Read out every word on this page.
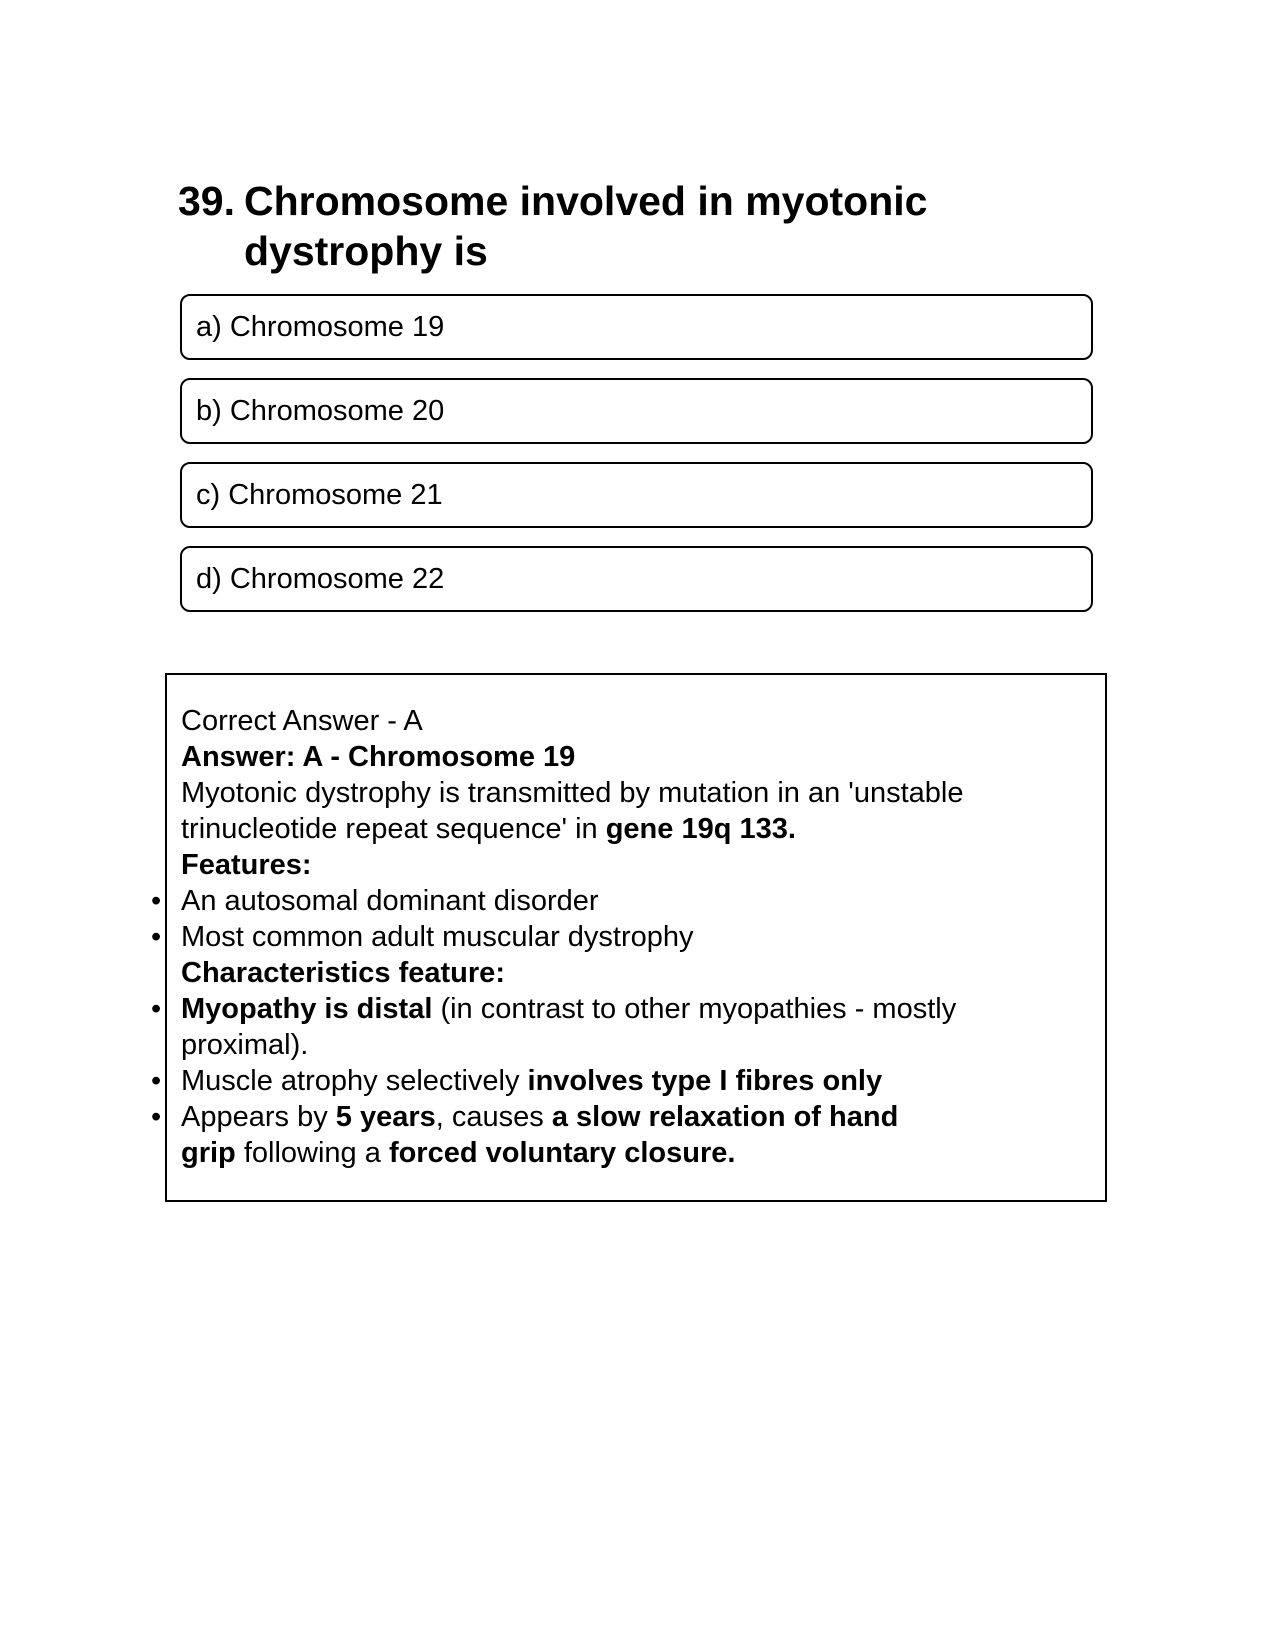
39. Chromosome involved in myotonic dystrophy is
a) Chromosome 19
b) Chromosome 20
c) Chromosome 21
d) Chromosome 22
Correct Answer - A
Answer: A - Chromosome 19
Myotonic dystrophy is transmitted by mutation in an 'unstable trinucleotide repeat sequence' in gene 19q 133.
Features:
• An autosomal dominant disorder
• Most common adult muscular dystrophy
Characteristics feature:
• Myopathy is distal (in contrast to other myopathies - mostly proximal).
• Muscle atrophy selectively involves type I fibres only
• Appears by 5 years, causes a slow relaxation of hand grip following a forced voluntary closure.
